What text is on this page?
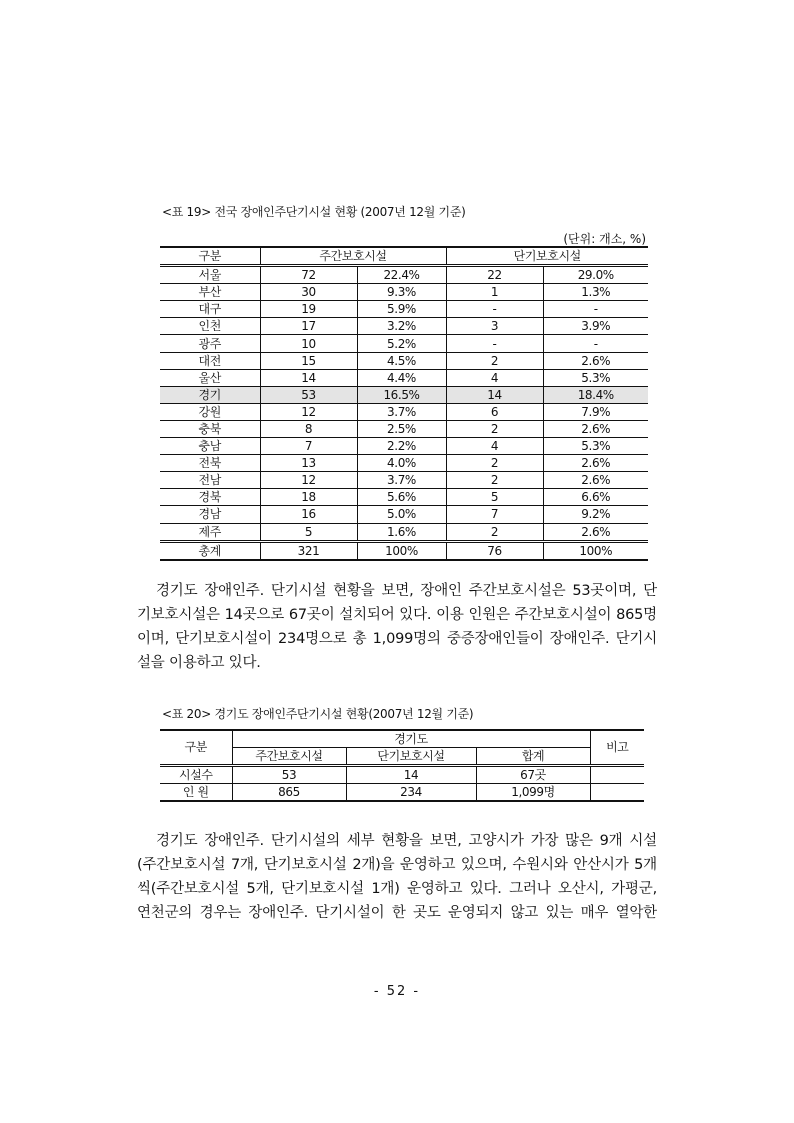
<표 19> 전국 장애인주단기시설 현황 (2007년 12월 기준)
(단위: 개소, %)
구분	주간보호시설		단기보호시설	
서울	72	22.4%	22	29.0%
부산	30	9.3%	1	1.3%
대구	19	5.9%	-	-
인천	17	3.2%	3	3.9%
광주	10	5.2%	-	-
대전	15	4.5%	2	2.6%
울산	14	4.4%	4	5.3%
경기	53	16.5%	14	18.4%
강원	12	3.7%	6	7.9%
충북	8	2.5%	2	2.6%
충남	7	2.2%	4	5.3%
전북	13	4.0%	2	2.6%
전남	12	3.7%	2	2.6%
경북	18	5.6%	5	6.6%
경남	16	5.0%	7	9.2%
제주	5	1.6%	2	2.6%
총계	321	100%	76	100%

경기도 장애인주. 단기시설 현황을 보면, 장애인 주간보호시설은 53곳이며, 단

기보호시설은 14곳으로 67곳이 설치되어 있다. 이용 인원은 주간보호시설이 865명

이며, 단기보호시설이 234명으로 총 1,099명의 중증장애인들이 장애인주. 단기시

설을 이용하고 있다.

<표 20> 경기도 장애인주단기시설 현황(2007년 12월 기준)
구분	경기도			비고
	주간보호시설	단기보호시설	합계	
시설수	53	14	67곳	
인 원	865	234	1,099명	

경기도 장애인주. 단기시설의 세부 현황을 보면, 고양시가 가장 많은 9개 시설

(주간보호시설 7개, 단기보호시설 2개)을 운영하고 있으며, 수원시와 안산시가 5개

씩(주간보호시설 5개, 단기보호시설 1개) 운영하고 있다. 그러나 오산시, 가평군,

연천군의 경우는 장애인주. 단기시설이 한 곳도 운영되지 않고 있는 매우 열악한

- 52 -
